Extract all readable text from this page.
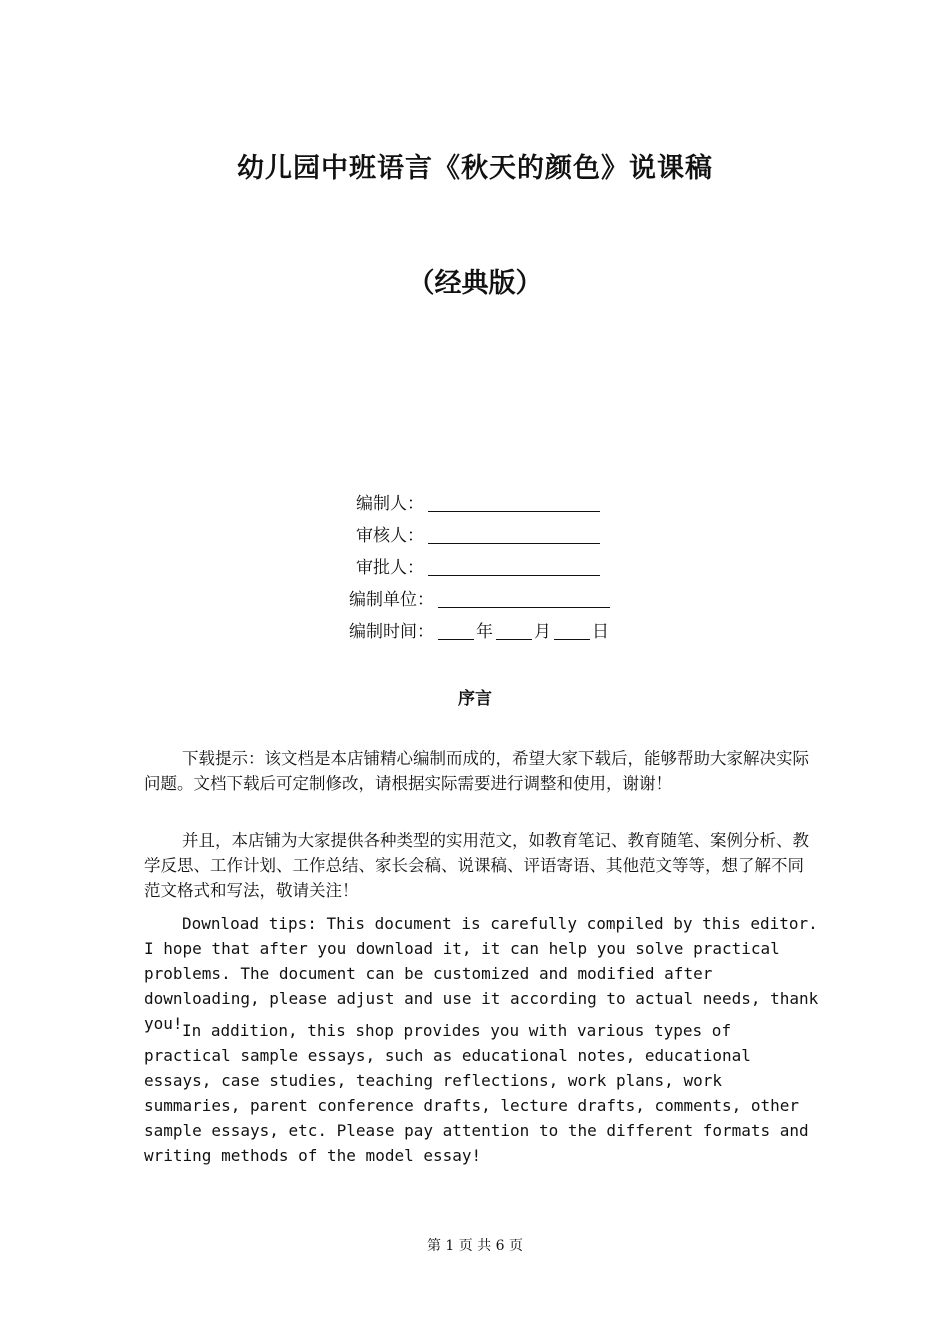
幼儿园中班语言《秋天的颜色》说课稿
（经典版）
编制人：
审核人：
审批人：
编制单位：
编制时间： 年 月 日
序言

下载提示：该文档是本店铺精心编制而成的，希望大家下载后，能够帮助大家解决实际问题。文档下载后可定制修改，请根据实际需要进行调整和使用，谢谢！

并且，本店铺为大家提供各种类型的实用范文，如教育笔记、教育随笔、案例分析、教学反思、工作计划、工作总结、家长会稿、说课稿、评语寄语、其他范文等等，想了解不同范文格式和写法，敬请关注！

Download tips: This document is carefully compiled by this editor. I hope that after you download it, it can help you solve practical problems. The document can be customized and modified after downloading, please adjust and use it according to actual needs, thank you! In addition, this shop provides you with various types of practical sample essays, such as educational notes, educational essays, case studies, teaching reflections, work plans, work summaries, parent conference drafts, lecture drafts, comments, other sample essays, etc. Please pay attention to the different formats and writing methods of the model essay!

第 1 页 共 6 页
